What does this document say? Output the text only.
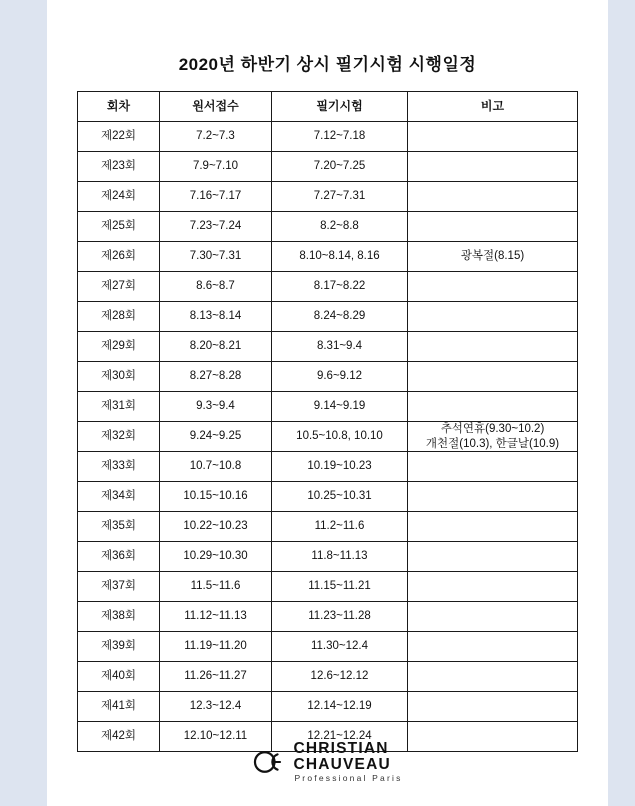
2020년 하반기 상시 필기시험 시행일정
회차	원서접수	필기시험	비고
제22회	7.2~7.3	7.12~7.18	
제23회	7.9~7.10	7.20~7.25	
제24회	7.16~7.17	7.27~7.31	
제25회	7.23~7.24	8.2~8.8	
제26회	7.30~7.31	8.10~8.14, 8.16	광복절(8.15)
제27회	8.6~8.7	8.17~8.22	
제28회	8.13~8.14	8.24~8.29	
제29회	8.20~8.21	8.31~9.4	
제30회	8.27~8.28	9.6~9.12	
제31회	9.3~9.4	9.14~9.19	
제32회	9.24~9.25	10.5~10.8, 10.10	추석연휴(9.30~10.2)
개천절(10.3), 한글날(10.9)

제33회	10.7~10.8	10.19~10.23	
제34회	10.15~10.16	10.25~10.31	
제35회	10.22~10.23	11.2~11.6	
제36회	10.29~10.30	11.8~11.13	
제37회	11.5~11.6	11.15~11.21	
제38회	11.12~11.13	11.23~11.28	
제39회	11.19~11.20	11.30~12.4	
제40회	11.26~11.27	12.6~12.12	
제41회	12.3~12.4	12.14~12.19	
제42회	12.10~12.11	12.21~12.24	
CHRISTIAN
CHAUVEAU
Professional Paris
